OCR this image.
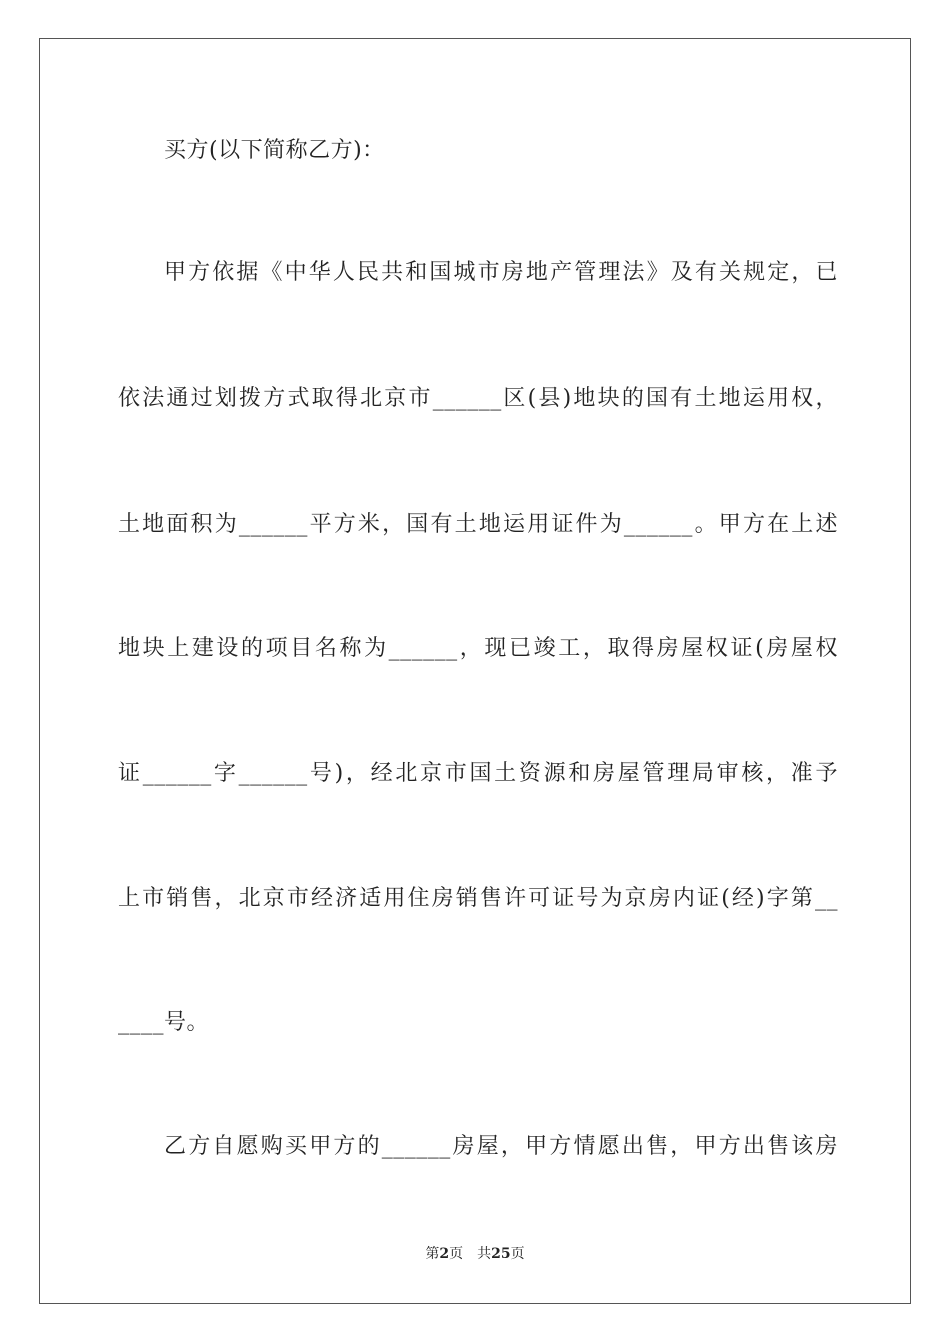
买方(以下简称乙方)：
甲方依据《中华人民共和国城市房地产管理法》及有关规定，已
依法通过划拨方式取得北京市______区(县)地块的国有土地运用权，
土地面积为______平方米，国有土地运用证件为______。甲方在上述
地块上建设的项目名称为______，现已竣工，取得房屋权证(房屋权
证______字______号)，经北京市国土资源和房屋管理局审核，准予
上市销售，北京市经济适用住房销售许可证号为京房内证(经)字第__
____号。
乙方自愿购买甲方的______房屋，甲方情愿出售，甲方出售该房
第2页 共25页
